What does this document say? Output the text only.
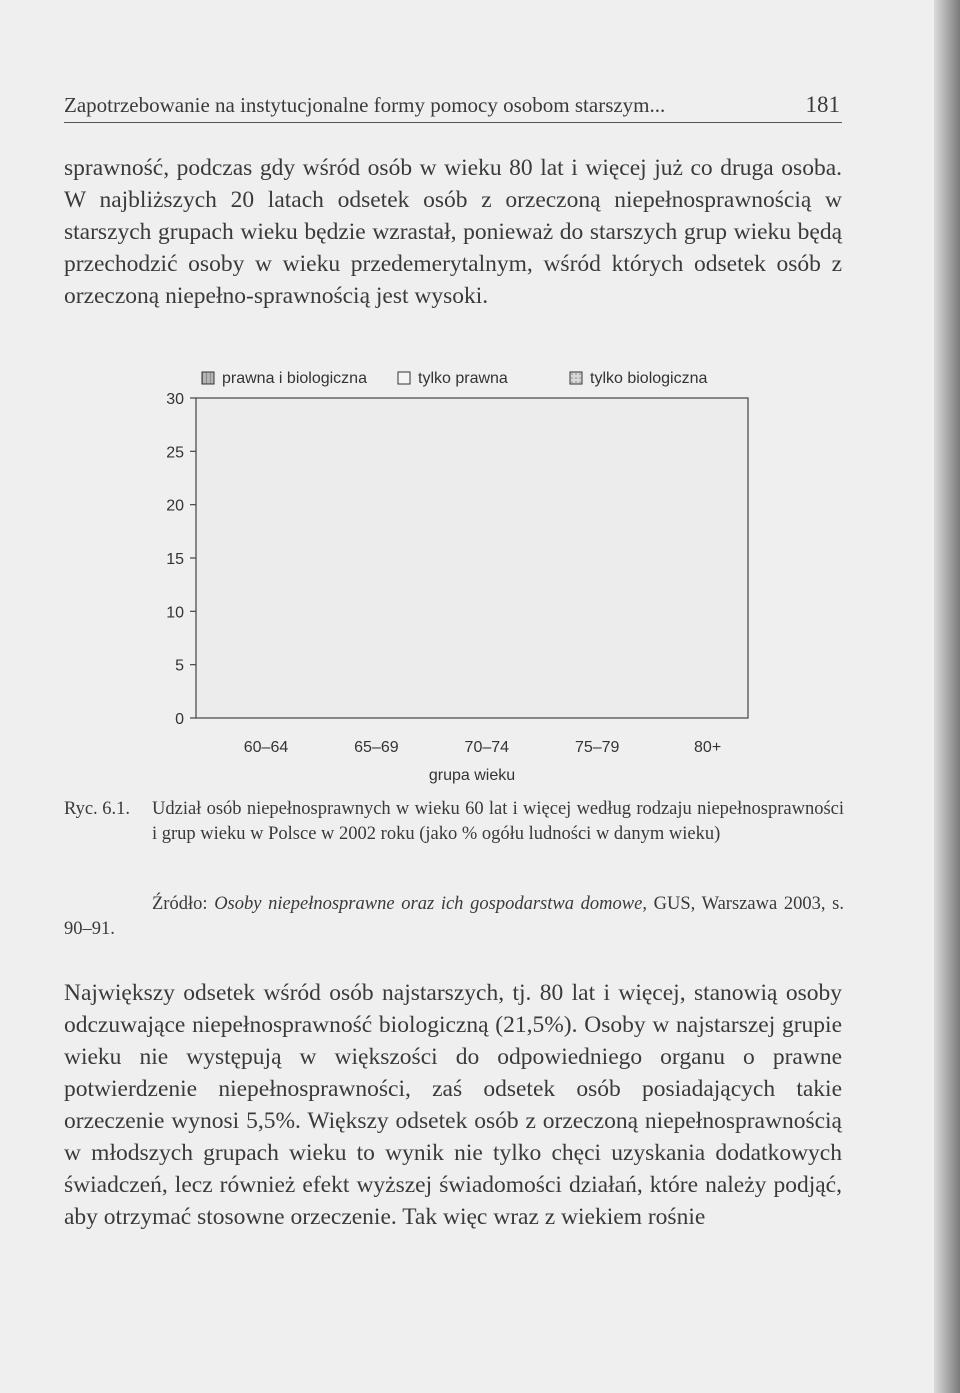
Zapotrzebowanie na instytucjonalne formy pomocy osobom starszym...	181

sprawność, podczas gdy wśród osób w wieku 80 lat i więcej już co druga osoba. W najbliższych 20 latach odsetek osób z orzeczoną niepełnosprawnością w starszych grupach wieku będzie wzrastał, ponieważ do starszych grup wieku będą przechodzić osoby w wieku przedemerytalnym, wśród których odsetek osób z orzeczoną niepełno-sprawnością jest wysoki.

prawna i biologiczna	tylko prawna	tylko biologiczna
0
5
10
15
20
25
30
60–64	65–69	70–74	75–79	80+
grupa wieku
Ryc. 6.1. Udział osób niepełnosprawnych w wieku 60 lat i więcej według rodzaju niepełnosprawności i grup wieku w Polsce w 2002 roku (jako % ogółu ludności w danym wieku)
Źródło: Osoby niepełnosprawne oraz ich gospodarstwa domowe, GUS, Warszawa 2003, s. 90–91.

Największy odsetek wśród osób najstarszych, tj. 80 lat i więcej, stanowią osoby odczuwające niepełnosprawność biologiczną (21,5%). Osoby w najstarszej grupie wieku nie występują w większości do odpowiedniego organu o prawne potwierdzenie niepełnosprawności, zaś odsetek osób posiadających takie orzeczenie wynosi 5,5%. Większy odsetek osób z orzeczoną niepełnosprawnością w młodszych grupach wieku to wynik nie tylko chęci uzyskania dodatkowych świadczeń, lecz również efekt wyższej świadomości działań, które należy podjąć, aby otrzymać stosowne orzeczenie. Tak więc wraz z wiekiem rośnie
